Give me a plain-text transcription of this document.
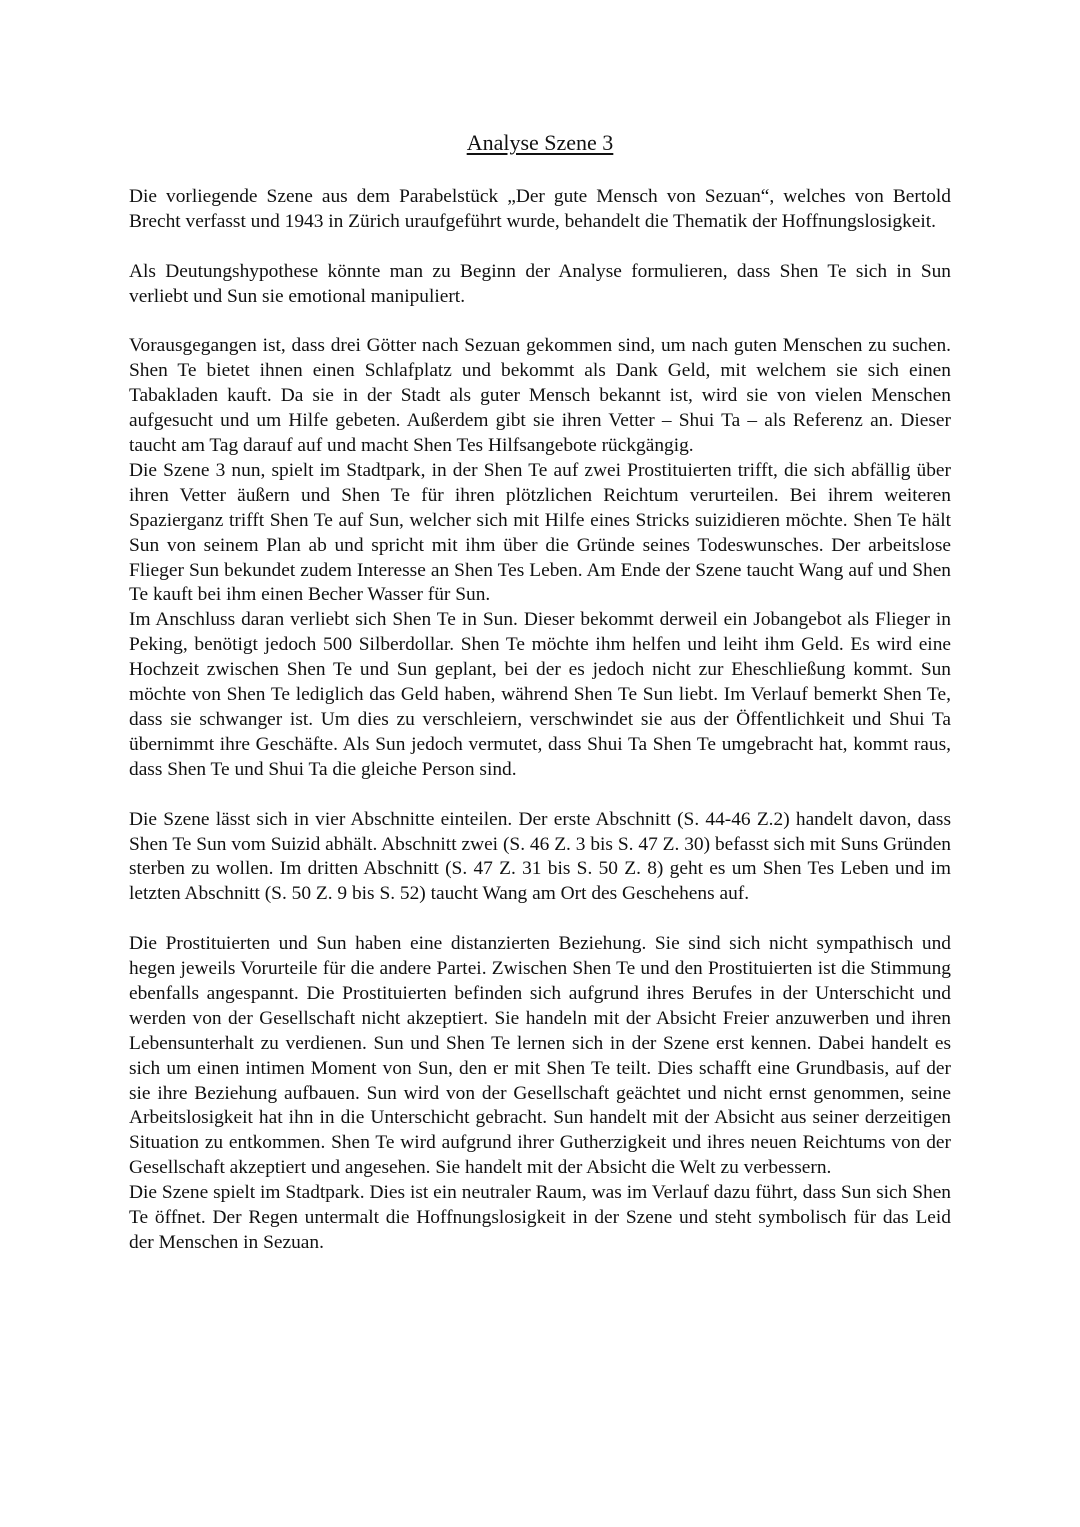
Analyse Szene 3

Die vorliegende Szene aus dem Parabelstück „Der gute Mensch von Sezuan“, welches von Bertold Brecht verfasst und 1943 in Zürich uraufgeführt wurde, behandelt die Thematik der Hoffnungslosigkeit.

Als Deutungshypothese könnte man zu Beginn der Analyse formulieren, dass Shen Te sich in Sun verliebt und Sun sie emotional manipuliert.

Vorausgegangen ist, dass drei Götter nach Sezuan gekommen sind, um nach guten Menschen zu suchen. Shen Te bietet ihnen einen Schlafplatz und bekommt als Dank Geld, mit welchem sie sich einen Tabakladen kauft. Da sie in der Stadt als guter Mensch bekannt ist, wird sie von vielen Menschen aufgesucht und um Hilfe gebeten. Außerdem gibt sie ihren Vetter – Shui Ta – als Referenz an. Dieser taucht am Tag darauf auf und macht Shen Tes Hilfsangebote rückgängig.

Die Szene 3 nun, spielt im Stadtpark, in der Shen Te auf zwei Prostituierten trifft, die sich abfällig über ihren Vetter äußern und Shen Te für ihren plötzlichen Reichtum verurteilen. Bei ihrem weiteren Spazierganz trifft Shen Te auf Sun, welcher sich mit Hilfe eines Stricks suizidieren möchte. Shen Te hält Sun von seinem Plan ab und spricht mit ihm über die Gründe seines Todeswunsches. Der arbeitslose Flieger Sun bekundet zudem Interesse an Shen Tes Leben. Am Ende der Szene taucht Wang auf und Shen Te kauft bei ihm einen Becher Wasser für Sun.

Im Anschluss daran verliebt sich Shen Te in Sun. Dieser bekommt derweil ein Jobangebot als Flieger in Peking, benötigt jedoch 500 Silberdollar. Shen Te möchte ihm helfen und leiht ihm Geld. Es wird eine Hochzeit zwischen Shen Te und Sun geplant, bei der es jedoch nicht zur Eheschließung kommt. Sun möchte von Shen Te lediglich das Geld haben, während Shen Te Sun liebt. Im Verlauf bemerkt Shen Te, dass sie schwanger ist. Um dies zu verschleiern, verschwindet sie aus der Öffentlichkeit und Shui Ta übernimmt ihre Geschäfte. Als Sun jedoch vermutet, dass Shui Ta Shen Te umgebracht hat, kommt raus, dass Shen Te und Shui Ta die gleiche Person sind.

Die Szene lässt sich in vier Abschnitte einteilen. Der erste Abschnitt (S. 44-46 Z.2) handelt davon, dass Shen Te Sun vom Suizid abhält. Abschnitt zwei (S. 46 Z. 3 bis S. 47 Z. 30) befasst sich mit Suns Gründen sterben zu wollen. Im dritten Abschnitt (S. 47 Z. 31 bis S. 50 Z. 8) geht es um Shen Tes Leben und im letzten Abschnitt (S. 50 Z. 9 bis S. 52) taucht Wang am Ort des Geschehens auf.

Die Prostituierten und Sun haben eine distanzierten Beziehung. Sie sind sich nicht sympathisch und hegen jeweils Vorurteile für die andere Partei. Zwischen Shen Te und den Prostituierten ist die Stimmung ebenfalls angespannt. Die Prostituierten befinden sich aufgrund ihres Berufes in der Unterschicht und werden von der Gesellschaft nicht akzeptiert. Sie handeln mit der Absicht Freier anzuwerben und ihren Lebensunterhalt zu verdienen. Sun und Shen Te lernen sich in der Szene erst kennen. Dabei handelt es sich um einen intimen Moment von Sun, den er mit Shen Te teilt. Dies schafft eine Grundbasis, auf der sie ihre Beziehung aufbauen. Sun wird von der Gesellschaft geächtet und nicht ernst genommen, seine Arbeitslosigkeit hat ihn in die Unterschicht gebracht. Sun handelt mit der Absicht aus seiner derzeitigen Situation zu entkommen. Shen Te wird aufgrund ihrer Gutherzigkeit und ihres neuen Reichtums von der Gesellschaft akzeptiert und angesehen. Sie handelt mit der Absicht die Welt zu verbessern.

Die Szene spielt im Stadtpark. Dies ist ein neutraler Raum, was im Verlauf dazu führt, dass Sun sich Shen Te öffnet. Der Regen untermalt die Hoffnungslosigkeit in der Szene und steht symbolisch für das Leid der Menschen in Sezuan.
